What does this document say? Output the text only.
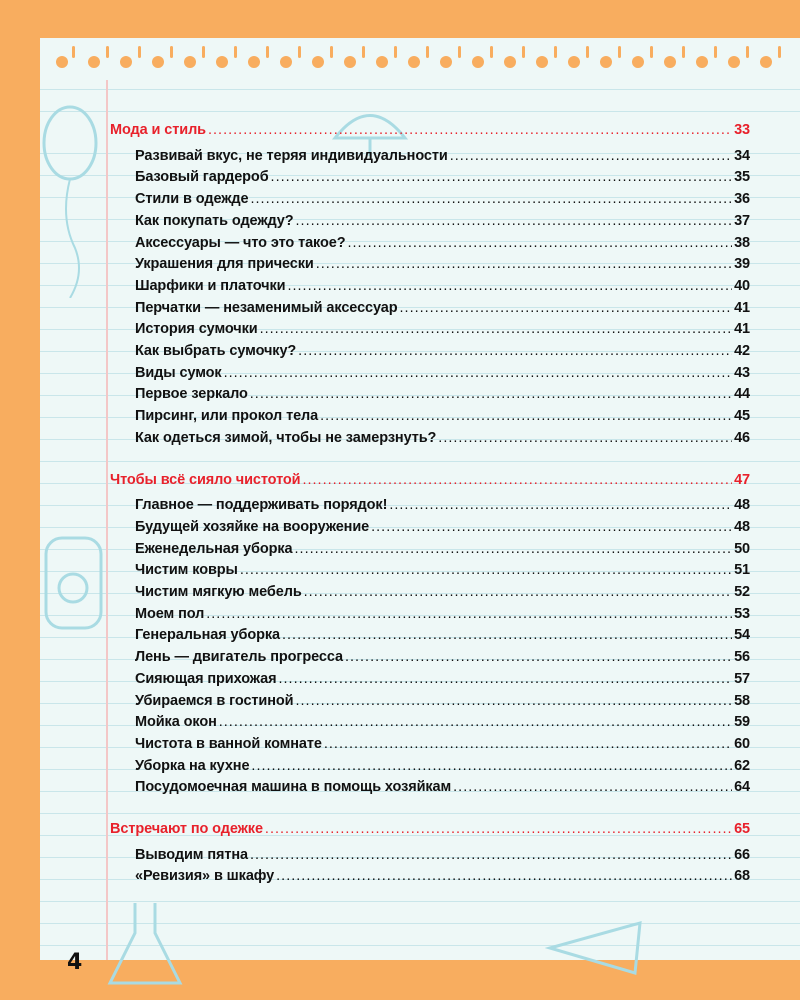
Мода и стиль .....	33
Развивай вкус, не теряя индивидуальности .....	34
Базовый гардероб .....	35
Стили в одежде .....	36
Как покупать одежду? .....	37
Аксессуары — что это такое? .....	38
Украшения для прически .....	39
Шарфики и платочки .....	40
Перчатки — незаменимый аксессуар .....	41
История сумочки .....	41
Как выбрать сумочку? .....	42
Виды сумок .....	43
Первое зеркало .....	44
Пирсинг, или прокол тела .....	45
Как одеться зимой, чтобы не замерзнуть? .....	46
Чтобы всё сияло чистотой .....	47
Главное — поддерживать порядок! .....	48
Будущей хозяйке на вооружение .....	48
Еженедельная уборка .....	50
Чистим ковры .....	51
Чистим мягкую мебель .....	52
Моем пол .....	53
Генеральная уборка .....	54
Лень — двигатель прогресса .....	56
Сияющая прихожая .....	57
Убираемся в гостиной .....	58
Мойка окон .....	59
Чистота в ванной комнате .....	60
Уборка на кухне .....	62
Посудомоечная машина в помощь хозяйкам .....	64
Встречают по одежке .....	65
Выводим пятна .....	66
«Ревизия» в шкафу .....	68
4
